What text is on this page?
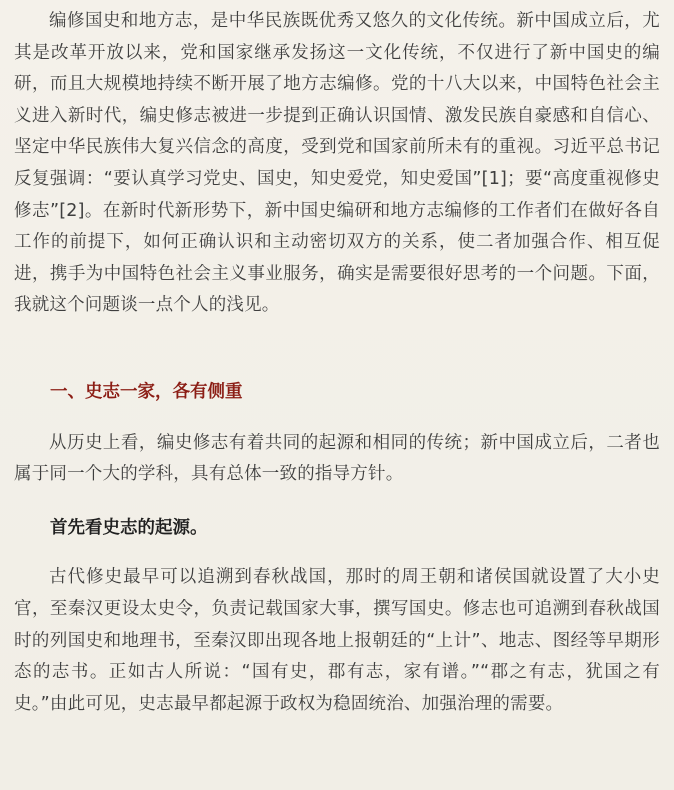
编修国史和地方志，是中华民族既优秀又悠久的文化传统。新中国成立后，尤其是改革开放以来，党和国家继承发扬这一文化传统，不仅进行了新中国史的编研，而且大规模地持续不断开展了地方志编修。党的十八大以来，中国特色社会主义进入新时代，编史修志被进一步提到正确认识国情、激发民族自豪感和自信心、坚定中华民族伟大复兴信念的高度，受到党和国家前所未有的重视。习近平总书记反复强调：“要认真学习党史、国史，知史爱党，知史爱国”[1]；要“高度重视修史修志”[2]。在新时代新形势下，新中国史编研和地方志编修的工作者们在做好各自工作的前提下，如何正确认识和主动密切双方的关系，使二者加强合作、相互促进，携手为中国特色社会主义事业服务，确实是需要很好思考的一个问题。下面，我就这个问题谈一点个人的浅见。

一、史志一家，各有侧重

从历史上看，编史修志有着共同的起源和相同的传统；新中国成立后，二者也属于同一个大的学科，具有总体一致的指导方针。

首先看史志的起源。

古代修史最早可以追溯到春秋战国，那时的周王朝和诸侯国就设置了大小史官，至秦汉更设太史令，负责记载国家大事，撰写国史。修志也可追溯到春秋战国时的列国史和地理书，至秦汉即出现各地上报朝廷的“上计”、地志、图经等早期形态的志书。正如古人所说：“国有史，郡有志，家有谱。”“郡之有志，犹国之有史。”由此可见，史志最早都起源于政权为稳固统治、加强治理的需要。
